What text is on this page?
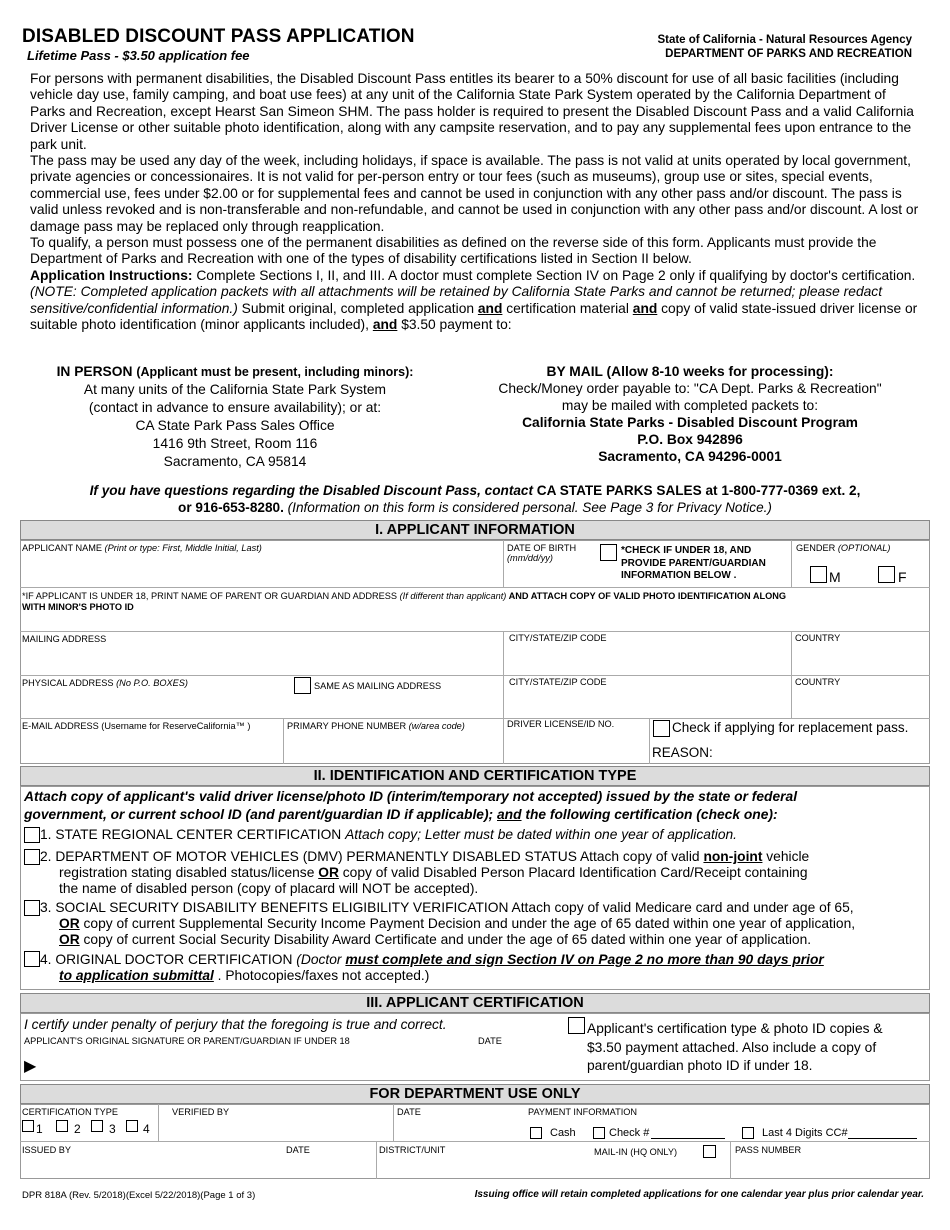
DISABLED DISCOUNT PASS APPLICATION
Lifetime Pass - $3.50 application fee
State of California - Natural Resources Agency
DEPARTMENT OF PARKS AND RECREATION

For persons with permanent disabilities, the Disabled Discount Pass entitles its bearer to a 50% discount for use of all basic facilities (including vehicle day use, family camping, and boat use fees) at any unit of the California State Park System operated by the California Department of Parks and Recreation, except Hearst San Simeon SHM. The pass holder is required to present the Disabled Discount Pass and a valid California Driver License or other suitable photo identification, along with any campsite reservation, and to pay any supplemental fees upon entrance to the park unit.

The pass may be used any day of the week, including holidays, if space is available. The pass is not valid at units operated by local government, private agencies or concessionaires. It is not valid for per-person entry or tour fees (such as museums), group use or sites, special events, commercial use, fees under $2.00 or for supplemental fees and cannot be used in conjunction with any other pass and/or discount. The pass is valid unless revoked and is non-transferable and non-refundable, and cannot be used in conjunction with any other pass and/or discount. A lost or damage pass may be replaced only through reapplication.

To qualify, a person must possess one of the permanent disabilities as defined on the reverse side of this form. Applicants must provide the Department of Parks and Recreation with one of the types of disability certifications listed in Section II below.

Application Instructions: Complete Sections I, II, and III. A doctor must complete Section IV on Page 2 only if qualifying by doctor's certification. (NOTE: Completed application packets with all attachments will be retained by California State Parks and cannot be returned; please redact sensitive/confidential information.) Submit original, completed application and certification material and copy of valid state-issued driver license or suitable photo identification (minor applicants included), and $3.50 payment to:

IN PERSON (Applicant must be present, including minors):
At many units of the California State Park System
(contact in advance to ensure availability); or at:
CA State Park Pass Sales Office
1416 9th Street, Room 116
Sacramento, CA 95814
BY MAIL (Allow 8-10 weeks for processing):
Check/Money order payable to: "CA Dept. Parks & Recreation"
may be mailed with completed packets to:
California State Parks - Disabled Discount Program
P.O. Box 942896
Sacramento, CA 94296-0001
If you have questions regarding the Disabled Discount Pass, contact CA STATE PARKS SALES at 1-800-777-0369 ext. 2,
or 916-653-8280. (Information on this form is considered personal. See Page 3 for Privacy Notice.)
I. APPLICANT INFORMATION
APPLICANT NAME (Print or type: First, Middle Initial, Last)	DATE OF BIRTH
(mm/dd/yy)
*CHECK IF UNDER 18, AND
PROVIDE PARENT/GUARDIAN
INFORMATION BELOW .
GENDER (OPTIONAL)
M	F
*IF APPLICANT IS UNDER 18, PRINT NAME OF PARENT OR GUARDIAN AND ADDRESS (If different than applicant) AND ATTACH COPY OF VALID PHOTO IDENTIFICATION ALONG
WITH MINOR'S PHOTO ID
MAILING ADDRESS	CITY/STATE/ZIP CODE	COUNTRY
PHYSICAL ADDRESS (No P.O. BOXES)	SAME AS MAILING ADDRESS	CITY/STATE/ZIP CODE	COUNTRY
E-MAIL ADDRESS (Username for ReserveCalifornia™ )	PRIMARY PHONE NUMBER (w/area code)	DRIVER LICENSE/ID NO.	Check if applying for replacement pass.
REASON:
II. IDENTIFICATION AND CERTIFICATION TYPE
Attach copy of applicant's valid driver license/photo ID (interim/temporary not accepted) issued by the state or federal
government, or current school ID (and parent/guardian ID if applicable); and the following certification (check one):
1. STATE REGIONAL CENTER CERTIFICATION Attach copy; Letter must be dated within one year of application.
2. DEPARTMENT OF MOTOR VEHICLES (DMV) PERMANENTLY DISABLED STATUS Attach copy of valid non-joint vehicle
registration stating disabled status/license OR copy of valid Disabled Person Placard Identification Card/Receipt containing
the name of disabled person (copy of placard will NOT be accepted).
3. SOCIAL SECURITY DISABILITY BENEFITS ELIGIBILITY VERIFICATION Attach copy of valid Medicare card and under age of 65,
OR copy of current Supplemental Security Income Payment Decision and under the age of 65 dated within one year of application,
OR copy of current Social Security Disability Award Certificate and under the age of 65 dated within one year of application.
4. ORIGINAL DOCTOR CERTIFICATION (Doctor must complete and sign Section IV on Page 2 no more than 90 days prior
to application submittal . Photocopies/faxes not accepted.)
III. APPLICANT CERTIFICATION
I certify under penalty of perjury that the foregoing is true and correct.
APPLICANT'S ORIGINAL SIGNATURE OR PARENT/GUARDIAN IF UNDER 18	DATE
▶
Applicant's certification type & photo ID copies &
$3.50 payment attached. Also include a copy of
parent/guardian photo ID if under 18.
FOR DEPARTMENT USE ONLY
CERTIFICATION TYPE
1	2 3 4
VERIFIED BY	DATE	PAYMENT INFORMATION
Cash	Check #	Last 4 Digits CC#
ISSUED BY	DATE	DISTRICT/UNIT	MAIL-IN (HQ ONLY)	PASS NUMBER
DPR 818A (Rev. 5/2018)(Excel 5/22/2018)(Page 1 of 3)	Issuing office will retain completed applications for one calendar year plus prior calendar year.
